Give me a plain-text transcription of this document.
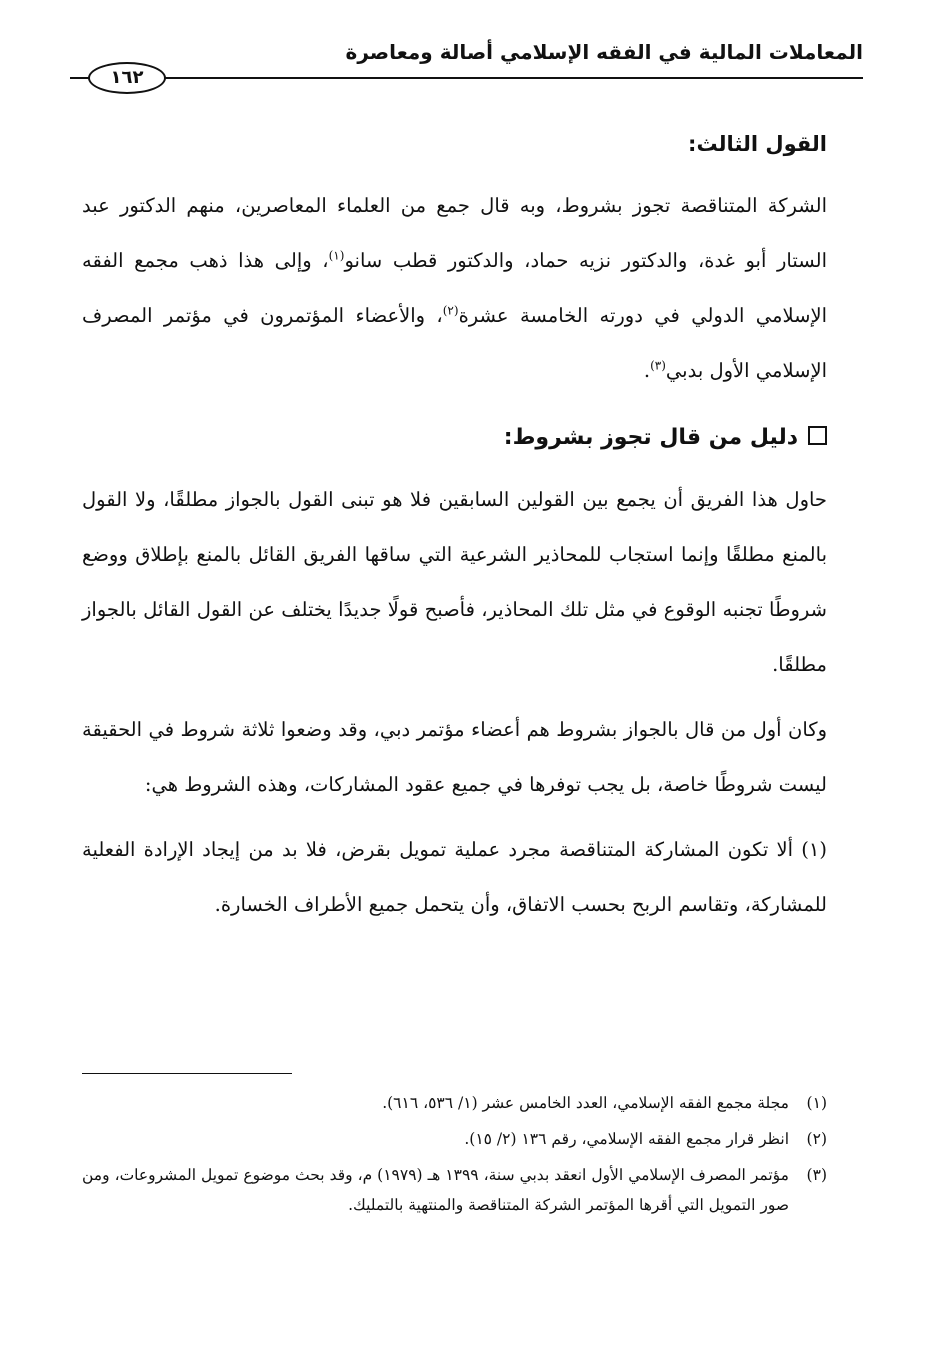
المعاملات المالية في الفقه الإسلامي أصالة ومعاصرة
١٦٢
القول الثالث:

الشركة المتناقصة تجوز بشروط، وبه قال جمع من العلماء المعاصرين، منهم الدكتور عبد الستار أبو غدة، والدكتور نزيه حماد، والدكتور قطب سانو$^{(١)}$، وإلى هذا ذهب مجمع الفقه الإسلامي الدولي في دورته الخامسة عشرة$^{(٢)}$، والأعضاء المؤتمرون في مؤتمر المصرف الإسلامي الأول بدبي$^{(٣)}$.

دليل من قال تجوز بشروط:

حاول هذا الفريق أن يجمع بين القولين السابقين فلا هو تبنى القول بالجواز مطلقًا، ولا القول بالمنع مطلقًا وإنما استجاب للمحاذير الشرعية التي ساقها الفريق القائل بالمنع بإطلاق ووضع شروطًا تجنبه الوقوع في مثل تلك المحاذير، فأصبح قولًا جديدًا يختلف عن القول القائل بالجواز مطلقًا.

وكان أول من قال بالجواز بشروط هم أعضاء مؤتمر دبي، وقد وضعوا ثلاثة شروط في الحقيقة ليست شروطًا خاصة، بل يجب توفرها في جميع عقود المشاركات، وهذه الشروط هي:

(١) ألا تكون المشاركة المتناقصة مجرد عملية تمويل بقرض، فلا بد من إيجاد الإرادة الفعلية للمشاركة، وتقاسم الربح بحسب الاتفاق، وأن يتحمل جميع الأطراف الخسارة.

(١)
مجلة مجمع الفقه الإسلامي، العدد الخامس عشر (١/ ٥٣٦، ٦١٦).
(٢)
انظر قرار مجمع الفقه الإسلامي، رقم ١٣٦ (٢/ ١٥).
(٣)
مؤتمر المصرف الإسلامي الأول انعقد بدبي سنة، ١٣٩٩ هـ (١٩٧٩) م، وقد بحث موضوع تمويل المشروعات، ومن صور التمويل التي أقرها المؤتمر الشركة المتناقصة والمنتهية بالتمليك.
